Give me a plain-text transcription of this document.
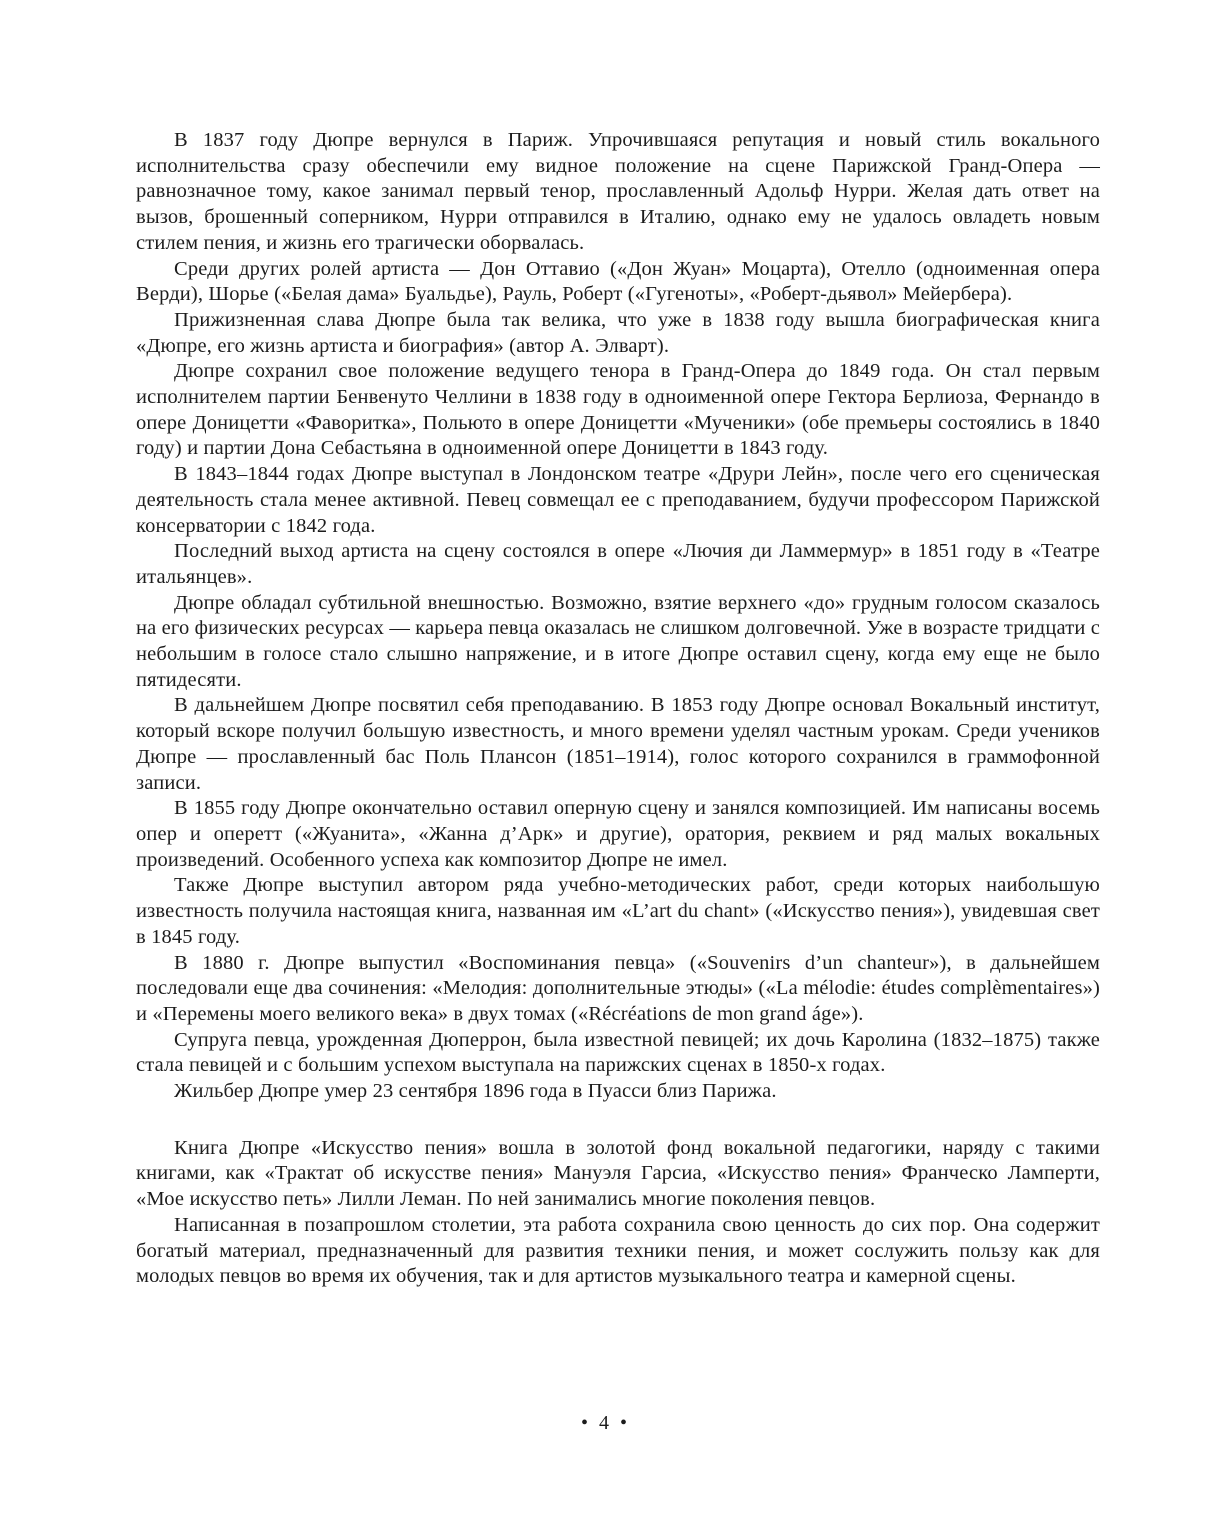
В 1837 году Дюпре вернулся в Париж. Упрочившаяся репутация и новый стиль вокального исполнительства сразу обеспечили ему видное положение на сцене Парижской Гранд-Опера — равнозначное тому, какое занимал первый тенор, прославленный Адольф Нурри. Желая дать ответ на вызов, брошенный соперником, Нурри отправился в Италию, однако ему не удалось овладеть новым стилем пения, и жизнь его трагически оборвалась.

Среди других ролей артиста — Дон Оттавио («Дон Жуан» Моцарта), Отелло (одноименная опера Верди), Шорье («Белая дама» Буальдье), Рауль, Роберт («Гугеноты», «Роберт-дьявол» Мейербера).

Прижизненная слава Дюпре была так велика, что уже в 1838 году вышла биографическая книга «Дюпре, его жизнь артиста и биография» (автор А. Элварт).

Дюпре сохранил свое положение ведущего тенора в Гранд-Опера до 1849 года. Он стал первым исполнителем партии Бенвенуто Челлини в 1838 году в одноименной опере Гектора Берлиоза, Фернандо в опере Доницетти «Фаворитка», Польюто в опере Доницетти «Мученики» (обе премьеры состоялись в 1840 году) и партии Дона Себастьяна в одноименной опере Доницетти в 1843 году.

В 1843–1844 годах Дюпре выступал в Лондонском театре «Друри Лейн», после чего его сценическая деятельность стала менее активной. Певец совмещал ее с преподаванием, будучи профессором Парижской консерватории с 1842 года.

Последний выход артиста на сцену состоялся в опере «Лючия ди Ламмермур» в 1851 году в «Театре итальянцев».

Дюпре обладал субтильной внешностью. Возможно, взятие верхнего «до» грудным голосом сказалось на его физических ресурсах — карьера певца оказалась не слишком долговечной. Уже в возрасте тридцати с небольшим в голосе стало слышно напряжение, и в итоге Дюпре оставил сцену, когда ему еще не было пятидесяти.

В дальнейшем Дюпре посвятил себя преподаванию. В 1853 году Дюпре основал Вокальный институт, который вскоре получил большую известность, и много времени уделял частным урокам. Среди учеников Дюпре — прославленный бас Поль Плансон (1851–1914), голос которого сохранился в граммофонной записи.

В 1855 году Дюпре окончательно оставил оперную сцену и занялся композицией. Им написаны восемь опер и оперетт («Жуанита», «Жанна д’Арк» и другие), оратория, реквием и ряд малых вокальных произведений. Особенного успеха как композитор Дюпре не имел.

Также Дюпре выступил автором ряда учебно-методических работ, среди которых наибольшую известность получила настоящая книга, названная им «L’art du chant» («Искусство пения»), увидевшая свет в 1845 году.

В 1880 г. Дюпре выпустил «Воспоминания певца» («Souvenirs d’un chanteur»), в дальнейшем последовали еще два сочинения: «Мелодия: дополнительные этюды» («La mélodie: études complèmentaires») и «Перемены моего великого века» в двух томах («Récréations de mon grand áge»).

Супруга певца, урожденная Дюперрон, была известной певицей; их дочь Каролина (1832–1875) также стала певицей и с большим успехом выступала на парижских сценах в 1850-х годах.

Жильбер Дюпре умер 23 сентября 1896 года в Пуасси близ Парижа.

Книга Дюпре «Искусство пения» вошла в золотой фонд вокальной педагогики, наряду с такими книгами, как «Трактат об искусстве пения» Мануэля Гарсиа, «Искусство пения» Франческо Ламперти, «Мое искусство петь» Лилли Леман. По ней занимались многие поколения певцов.

Написанная в позапрошлом столетии, эта работа сохранила свою ценность до сих пор. Она содержит богатый материал, предназначенный для развития техники пения, и может сослужить пользу как для молодых певцов во время их обучения, так и для артистов музыкального театра и камерной сцены.

• 4 •
